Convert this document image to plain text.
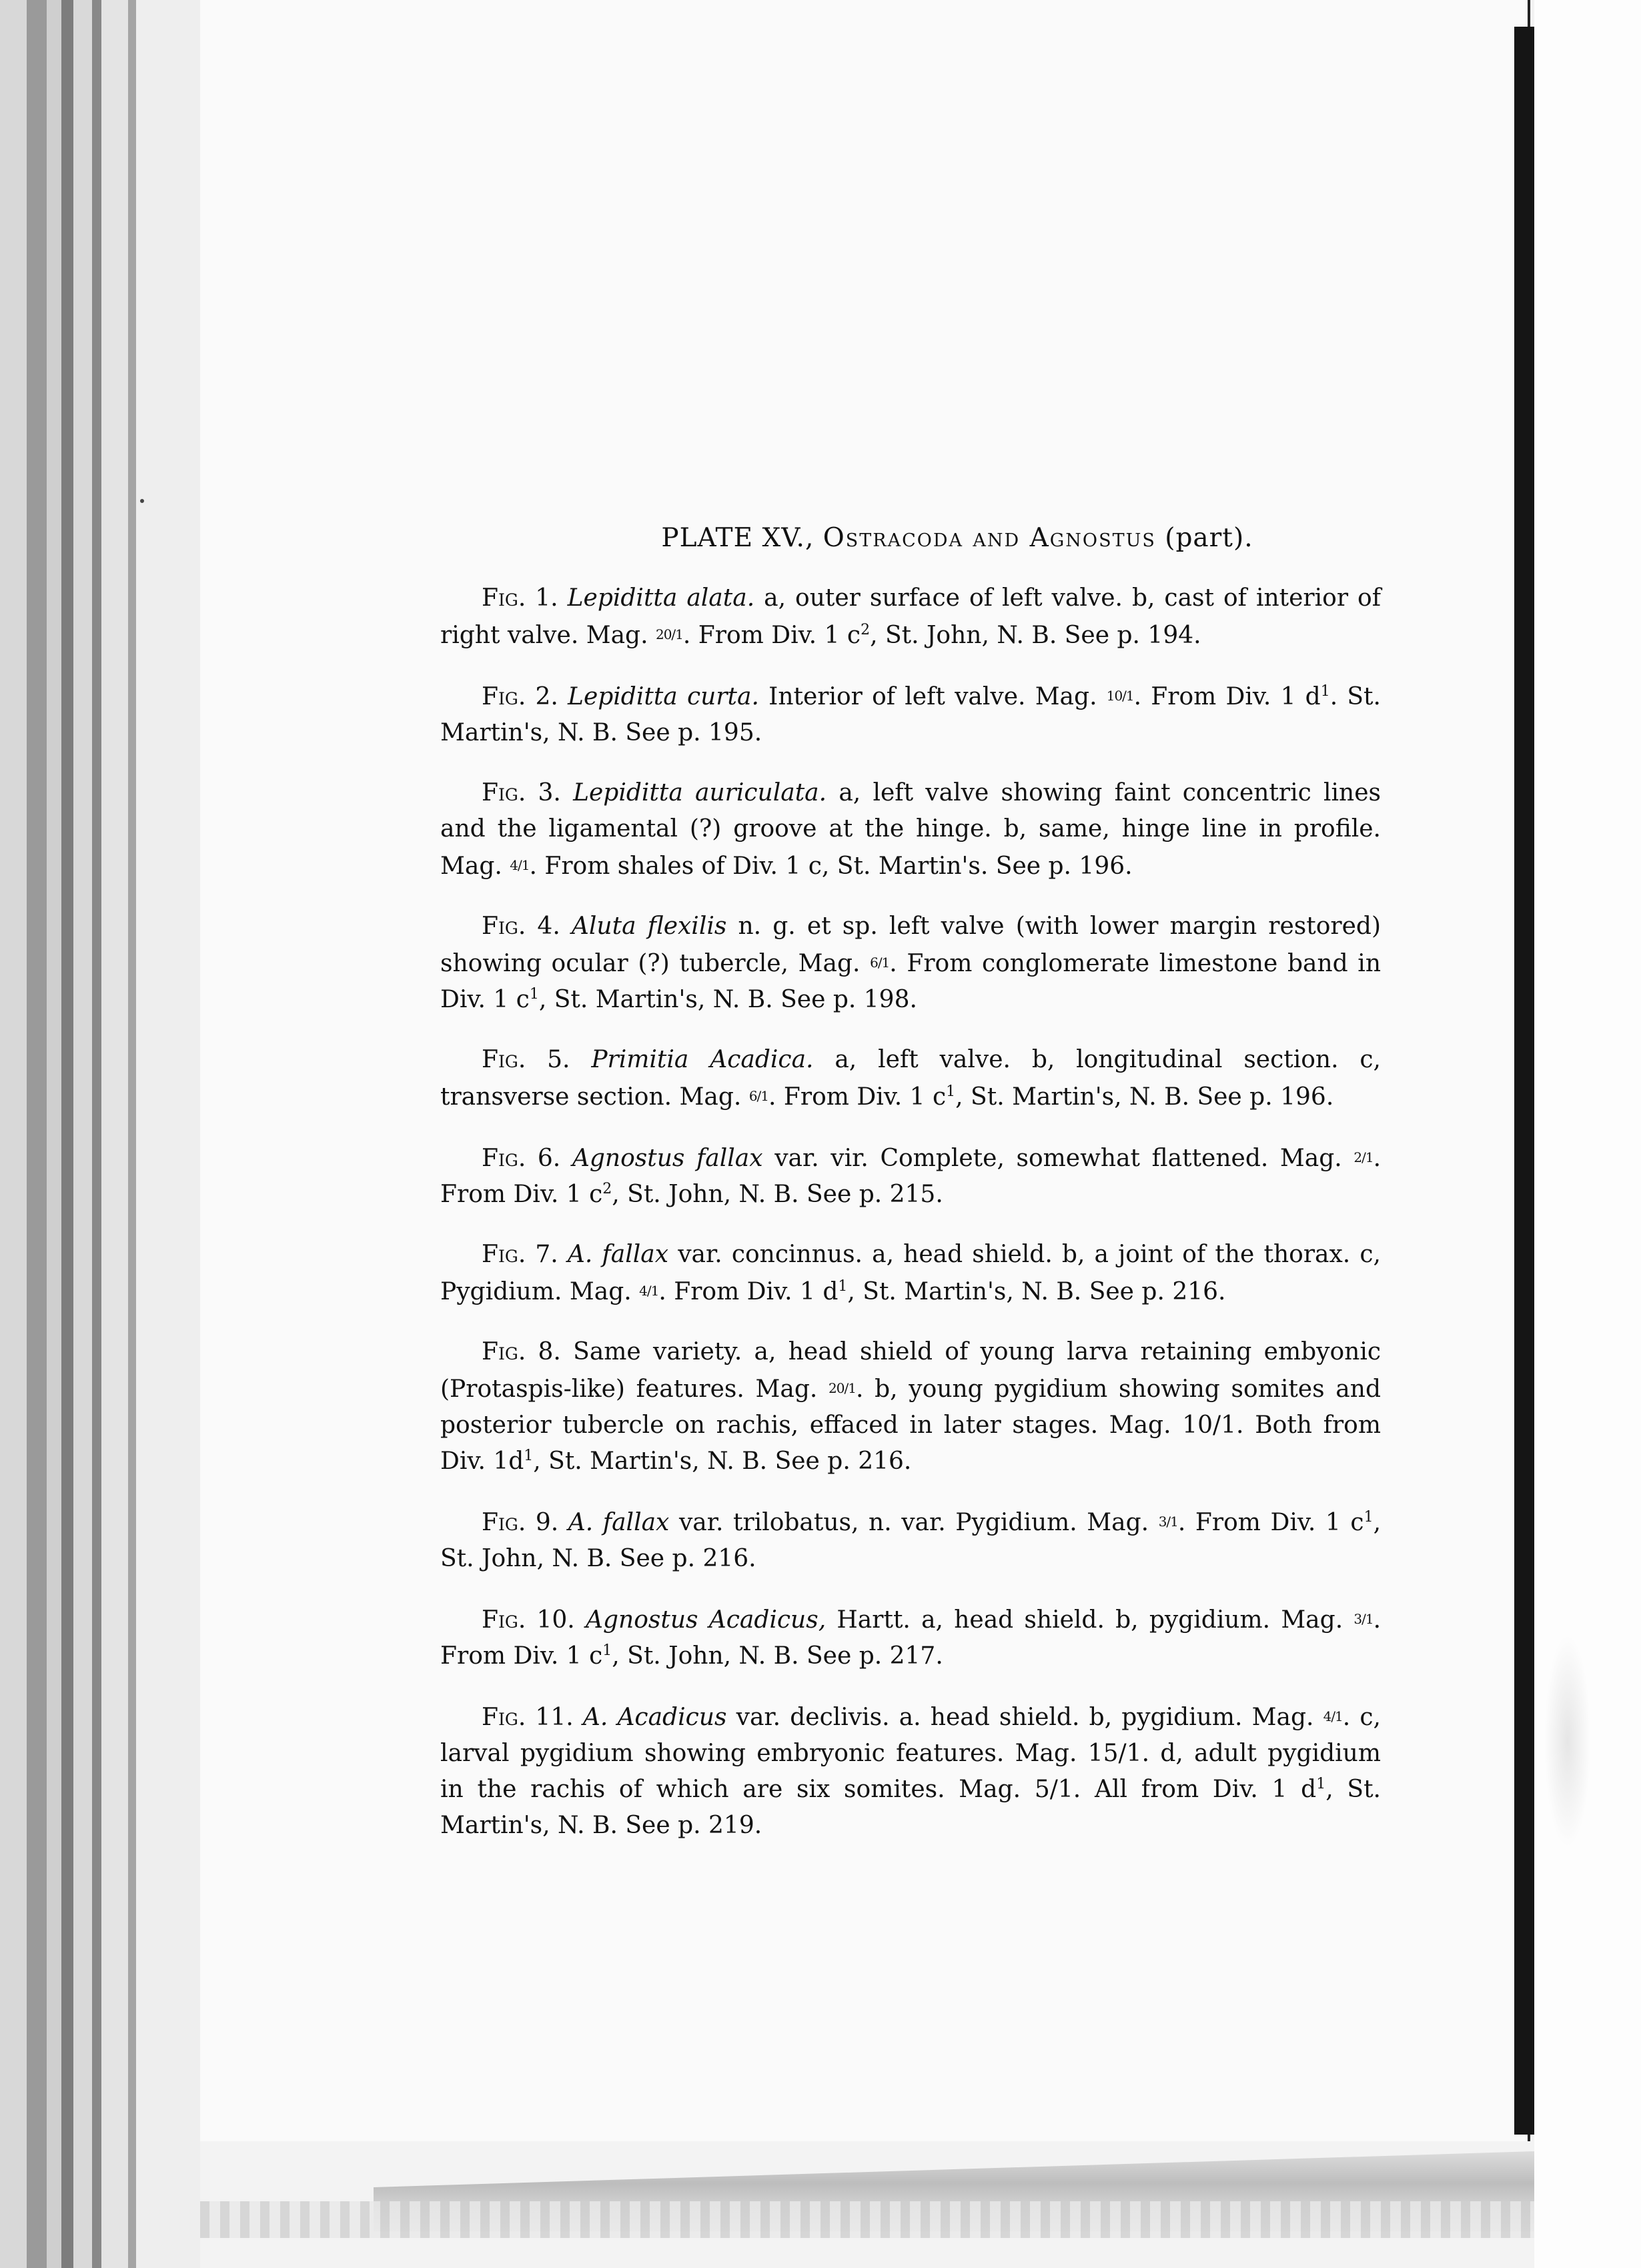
PLATE XV., Ostracoda and Agnostus (part).

Fig. 1. Lepiditta alata. a, outer surface of left valve. b, cast of interior of right valve. Mag. 20/1. From Div. 1 $c^2$, St. John, N. B. See p. 194.

Fig. 2. Lepiditta curta. Interior of left valve. Mag. 10/1. From Div. 1 $d^1$. St. Martin's, N. B. See p. 195.

Fig. 3. Lepiditta auriculata. a, left valve showing faint concentric lines and the ligamental (?) groove at the hinge. b, same, hinge line in profile. Mag. 4/1. From shales of Div. 1 c, St. Martin's. See p. 196.

Fig. 4. Aluta flexilis n. g. et sp. left valve (with lower margin restored) showing ocular (?) tubercle, Mag. 6/1. From conglomerate limestone band in Div. 1 $c^1$, St. Martin's, N. B. See p. 198.

Fig. 5. Primitia Acadica. a, left valve. b, longitudinal section. c, transverse section. Mag. 6/1. From Div. 1 $c^1$, St. Martin's, N. B. See p. 196.

Fig. 6. Agnostus fallax var. vir. Complete, somewhat flattened. Mag. 2/1. From Div. 1 $c^2$, St. John, N. B. See p. 215.

Fig. 7. A. fallax var. concinnus. a, head shield. b, a joint of the thorax. c, Pygidium. Mag. 4/1. From Div. 1 $d^1$, St. Martin's, N. B. See p. 216.

Fig. 8. Same variety. a, head shield of young larva retaining embyonic (Protaspis-like) features. Mag. 20/1. b, young pygidium showing somites and posterior tubercle on rachis, effaced in later stages. Mag. 10/1. Both from Div. $1d^1$, St. Martin's, N. B. See p. 216.

Fig. 9. A. fallax var. trilobatus, n. var. Pygidium. Mag. 3/1. From Div. 1 $c^1$, St. John, N. B. See p. 216.

Fig. 10. Agnostus Acadicus, Hartt. a, head shield. b, pygidium. Mag. 3/1. From Div. 1 $c^1$, St. John, N. B. See p. 217.

Fig. 11. A. Acadicus var. declivis. a. head shield. b, pygidium. Mag. 4/1. c, larval pygidium showing embryonic features. Mag. 15/1. d, adult pygidium in the rachis of which are six somites. Mag. 5/1. All from Div. 1 $d^1$, St. Martin's, N. B. See p. 219.
